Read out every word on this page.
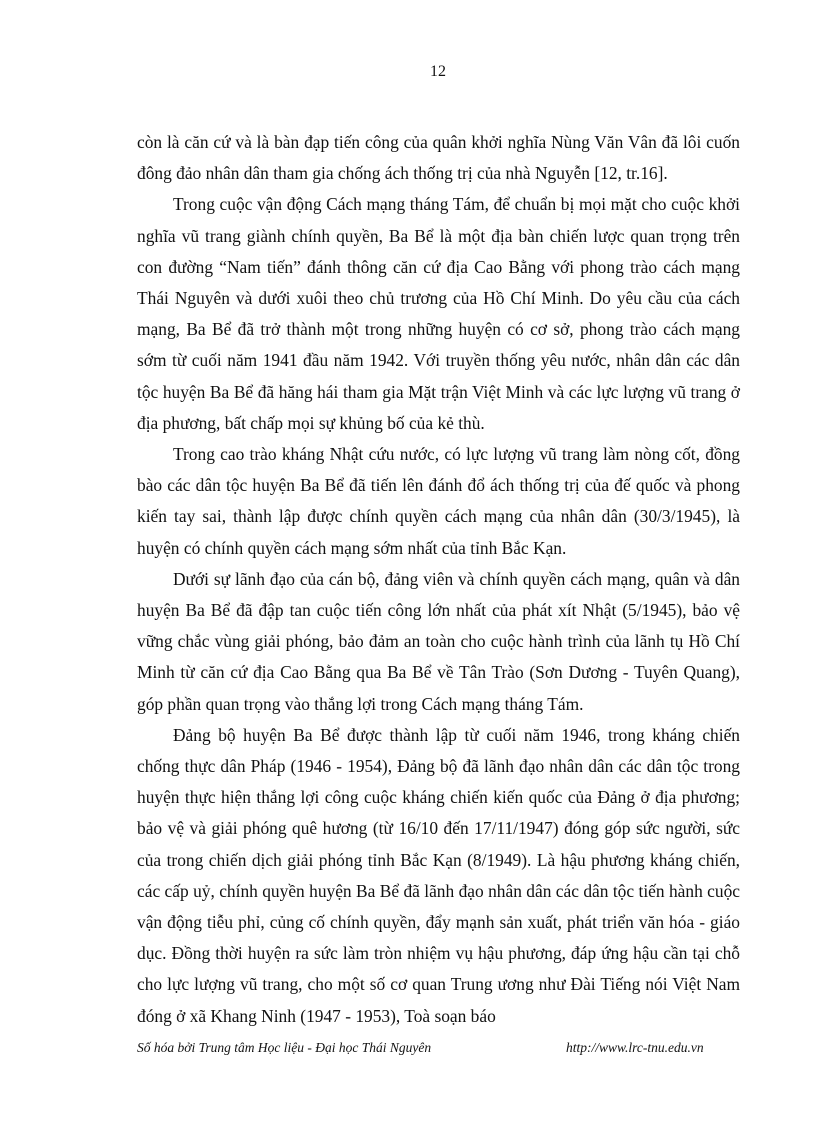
12

còn là căn cứ và là bàn đạp tiến công của quân khởi nghĩa Nùng Văn Vân đã lôi cuốn đông đảo nhân dân tham gia chống ách thống trị của nhà Nguyễn [12, tr.16].

Trong cuộc vận động Cách mạng tháng Tám, để chuẩn bị mọi mặt cho cuộc khởi nghĩa vũ trang giành chính quyền, Ba Bể là một địa bàn chiến lược quan trọng trên con đường “Nam tiến” đánh thông căn cứ địa Cao Bằng với phong trào cách mạng Thái Nguyên và dưới xuôi theo chủ trương của Hồ Chí Minh. Do yêu cầu của cách mạng, Ba Bể đã trở thành một trong những huyện có cơ sở, phong trào cách mạng sớm từ cuối năm 1941 đầu năm 1942. Với truyền thống yêu nước, nhân dân các dân tộc huyện Ba Bể đã hăng hái tham gia Mặt trận Việt Minh và các lực lượng vũ trang ở địa phương, bất chấp mọi sự khủng bố của kẻ thù.

Trong cao trào kháng Nhật cứu nước, có lực lượng vũ trang làm nòng cốt, đồng bào các dân tộc huyện Ba Bể đã tiến lên đánh đổ ách thống trị của đế quốc và phong kiến tay sai, thành lập được chính quyền cách mạng của nhân dân (30/3/1945), là huyện có chính quyền cách mạng sớm nhất của tỉnh Bắc Kạn.

Dưới sự lãnh đạo của cán bộ, đảng viên và chính quyền cách mạng, quân và dân huyện Ba Bể đã đập tan cuộc tiến công lớn nhất của phát xít Nhật (5/1945), bảo vệ vững chắc vùng giải phóng, bảo đảm an toàn cho cuộc hành trình của lãnh tụ Hồ Chí Minh từ căn cứ địa Cao Bằng qua Ba Bể về Tân Trào (Sơn Dương - Tuyên Quang), góp phần quan trọng vào thắng lợi trong Cách mạng tháng Tám.

Đảng bộ huyện Ba Bể được thành lập từ cuối năm 1946, trong kháng chiến chống thực dân Pháp (1946 - 1954), Đảng bộ đã lãnh đạo nhân dân các dân tộc trong huyện thực hiện thắng lợi công cuộc kháng chiến kiến quốc của Đảng ở địa phương; bảo vệ và giải phóng quê hương (từ 16/10 đến 17/11/1947) đóng góp sức người, sức của trong chiến dịch giải phóng tỉnh Bắc Kạn (8/1949). Là hậu phương kháng chiến, các cấp uỷ, chính quyền huyện Ba Bể đã lãnh đạo nhân dân các dân tộc tiến hành cuộc vận động tiễu phỉ, củng cố chính quyền, đẩy mạnh sản xuất, phát triển văn hóa - giáo dục. Đồng thời huyện ra sức làm tròn nhiệm vụ hậu phương, đáp ứng hậu cần tại chỗ cho lực lượng vũ trang, cho một số cơ quan Trung ương như Đài Tiếng nói Việt Nam đóng ở xã Khang Ninh (1947 - 1953), Toà soạn báo

Số hóa bởi Trung tâm Học liệu - Đại học Thái Nguyên	http://www.lrc-tnu.edu.vn
